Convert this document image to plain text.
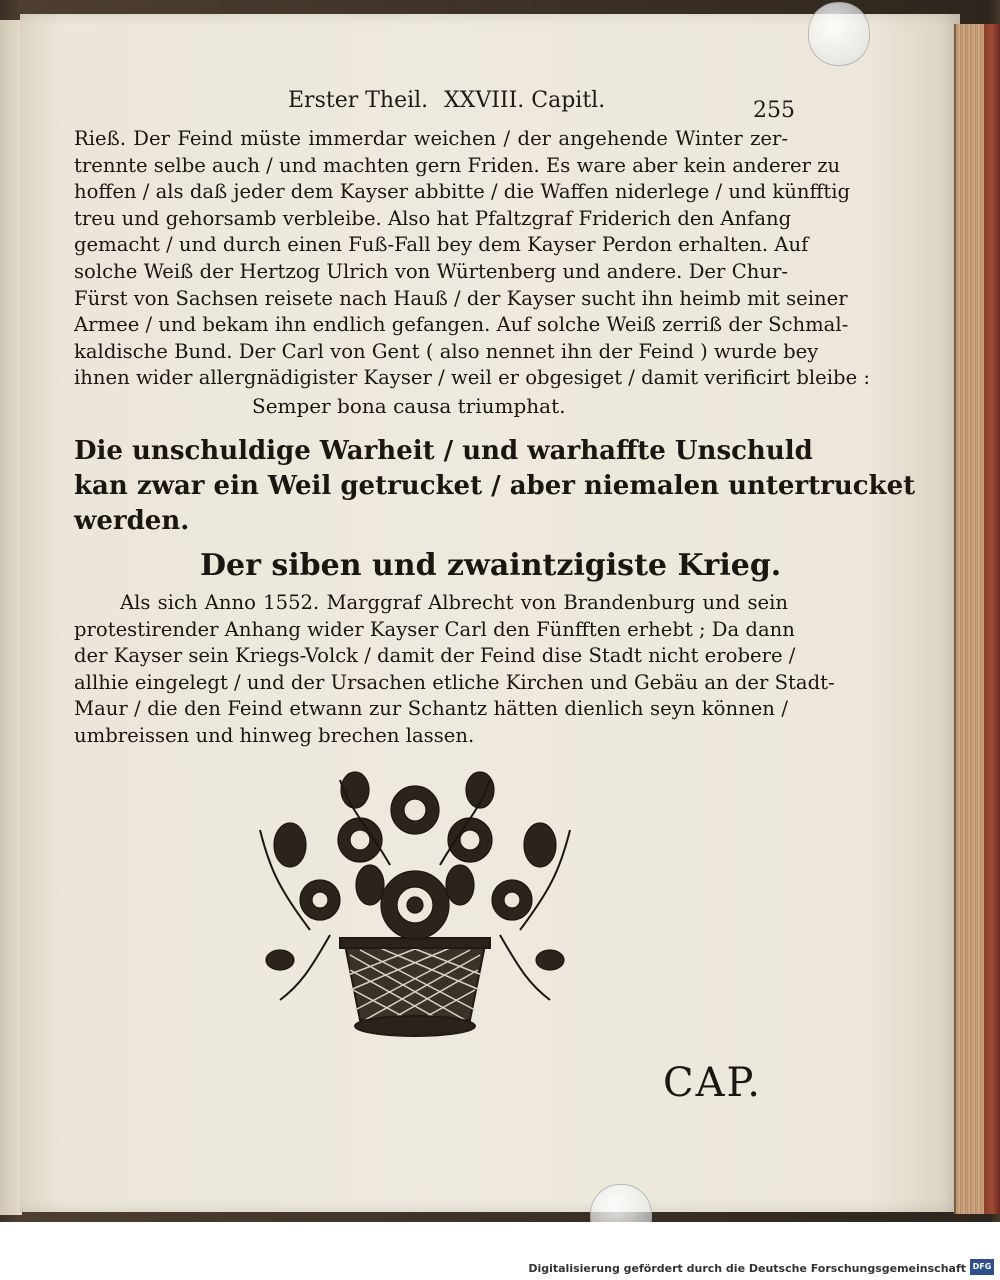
Erster Theil. XXVIII. Capitl.	255
Rieß. Der Feind müste immerdar weichen / der angehende Winter zer-
trennte selbe auch / und machten gern Friden. Es ware aber kein anderer zu
hoffen / als daß jeder dem Kayser abbitte / die Waffen niderlege / und künfftig
treu und gehorsamb verbleibe. Also hat Pfaltzgraf Friderich den Anfang
gemacht / und durch einen Fuß-Fall bey dem Kayser Perdon erhalten. Auf
solche Weiß der Hertzog Ulrich von Würtenberg und andere. Der Chur-
Fürst von Sachsen reisete nach Hauß / der Kayser sucht ihn heimb mit seiner
Armee / und bekam ihn endlich gefangen. Auf solche Weiß zerriß der Schmal-
kaldische Bund. Der Carl von Gent ( also nennet ihn der Feind ) wurde bey
ihnen wider allergnädigister Kayser / weil er obgesiget / damit verificirt bleibe :
Semper bona causa triumphat.
Die unschuldige Warheit / und warhaffte Unschuld
kan zwar ein Weil getrucket / aber niemalen untertrucket
werden.
Der siben und zwaintzigiste Krieg.
Als sich Anno 1552. Marggraf Albrecht von Brandenburg und sein
protestirender Anhang wider Kayser Carl den Fünfften erhebt ; Da dann
der Kayser sein Kriegs-Volck / damit der Feind dise Stadt nicht erobere /
allhie eingelegt / und der Ursachen etliche Kirchen und Gebäu an der Stadt-
Maur / die den Feind etwann zur Schantz hätten dienlich seyn können /
umbreissen und hinweg brechen lassen.
CAP.
Digitalisierung gefördert durch die Deutsche Forschungsgemeinschaft DFG
